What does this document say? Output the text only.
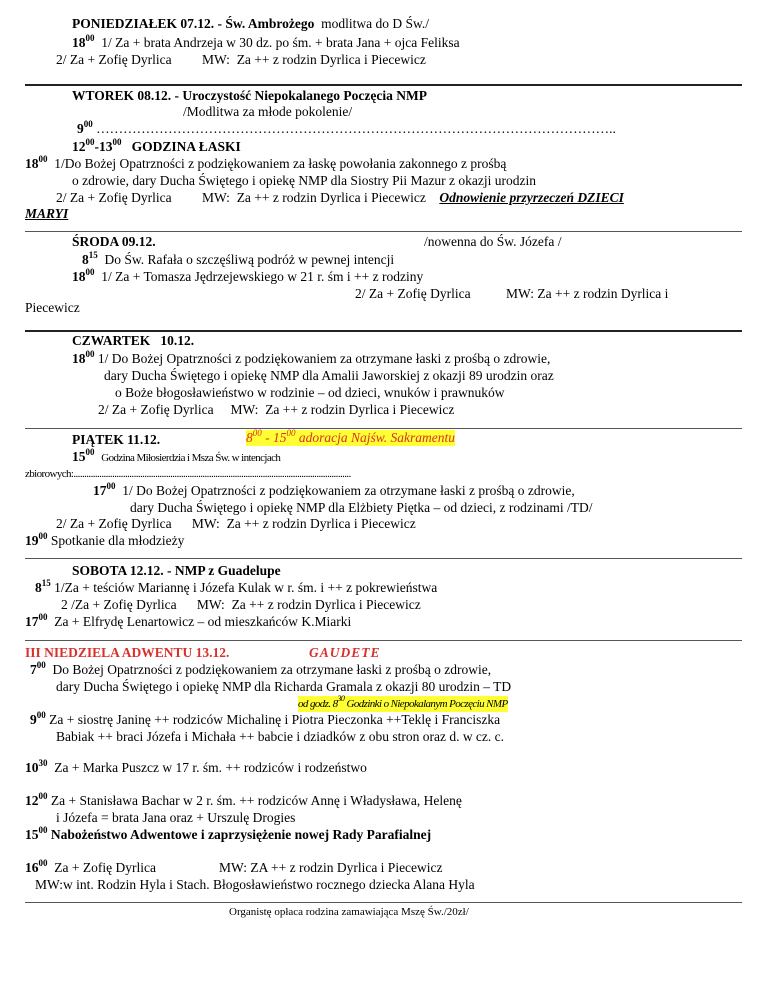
PONIEDZIAŁEK 07.12. - Św. Ambrożego modlitwa do D Św./
$18^{00}$ 1/ Za + brata Andrzeja w 30 dz. po śm. + brata Jana + ojca Feliksa
2/ Za + Zofię Dyrlica         MW:  Za ++ z rodzin Dyrlica i Piecewicz
WTOREK 08.12. - Uroczystość Niepokalanego Poczęcia NMP
/Modlitwa za młode pokolenie/
$9^{00}$ ……………………………………………………………………………………………………..
$12^{00}-13^{00}$ GODZINA ŁASKI
$18^{00}$ 1/Do Bożej Opatrzności z podziękowaniem za łaskę powołania zakonnego z prośbą
o zdrowie, dary Ducha Świętego i opiekę NMP dla Siostry Pii Mazur z okazji urodzin
2/ Za + Zofię Dyrlica         MW:  Za ++ z rodzin Dyrlica i Piecewicz Odnowienie przyrzeczeń DZIECI
MARYI
ŚRODA 09.12.	/nowenna do Św. Józefa /
$8^{15}$ Do Św. Rafała o szczęśliwą podróż w pewnej intencji
$18^{00}$ 1/ Za + Tomasza Jędrzejewskiego w 21 r. śm i ++ z rodziny
2/ Za + Zofię Dyrlica	MW: Za ++ z rodzin Dyrlica i
Piecewicz
CZWARTEK   10.12.
$18^{00}$ 1/ Do Bożej Opatrzności z podziękowaniem za otrzymane łaski z prośbą o zdrowie,
dary Ducha Świętego i opiekę NMP dla Amalii Jaworskiej z okazji 89 urodzin oraz
o Boże błogosławieństwo w rodzinie – od dzieci, wnuków i prawnuków
2/ Za + Zofię Dyrlica     MW:  Za ++ z rodzin Dyrlica i Piecewicz
PIĄTEK 11.12.	$8^{00} - 15^{00}$ adoracja Najśw. Sakramentu
$15^{00}$ Godzina Miłosierdzia i Msza Św. w intencjach
zbiorowych:.................................................................................................................................
$17^{00}$ 1/ Do Bożej Opatrzności z podziękowaniem za otrzymane łaski z prośbą o zdrowie,
dary Ducha Świętego i opiekę NMP dla Elżbiety Piętka – od dzieci, z rodzinami /TD/
2/ Za + Zofię Dyrlica      MW:  Za ++ z rodzin Dyrlica i Piecewicz
$19^{00}$ Spotkanie dla młodzieży
SOBOTA 12.12. - NMP z Guadelupe
$8^{15}$ 1/Za + teściów Mariannę i Józefa Kulak w r. śm. i ++ z pokrewieństwa
2 /Za + Zofię Dyrlica      MW:  Za ++ z rodzin Dyrlica i Piecewicz
$17^{00}$ Za + Elfrydę Lenartowicz – od mieszkańców K.Miarki
III NIEDZIELA ADWENTU 13.12.	GAUDETE
$7^{00}$ Do Bożej Opatrzności z podziękowaniem za otrzymane łaski z prośbą o zdrowie,
dary Ducha Świętego i opiekę NMP dla Richarda Gramala z okazji 80 urodzin – TD
od godz. $8^{30}$ Godzinki o Niepokalanym Poczęciu NMP
$9^{00}$ Za + siostrę Janinę ++ rodziców Michalinę i Piotra Pieczonka ++Teklę i Franciszka
Babiak ++ braci Józefa i Michała ++ babcie i dziadków z obu stron oraz d. w cz. c.
$10^{30}$ Za + Marka Puszcz w 17 r. śm. ++ rodziców i rodzeństwo
$12^{00}$ Za + Stanisława Bachar w 2 r. śm. ++ rodziców Annę i Władysława, Helenę
i Józefa = brata Jana oraz + Urszulę Drogies
$15^{00}$ Nabożeństwo Adwentowe i zaprzysiężenie nowej Rady Parafialnej
$16^{00}$ Za + Zofię Dyrlica	MW: ZA ++ z rodzin Dyrlica i Piecewicz
MW:w int. Rodzin Hyla i Stach. Błogosławieństwo rocznego dziecka Alana Hyla
Organistę opłaca rodzina zamawiająca Mszę Św./20zł/
